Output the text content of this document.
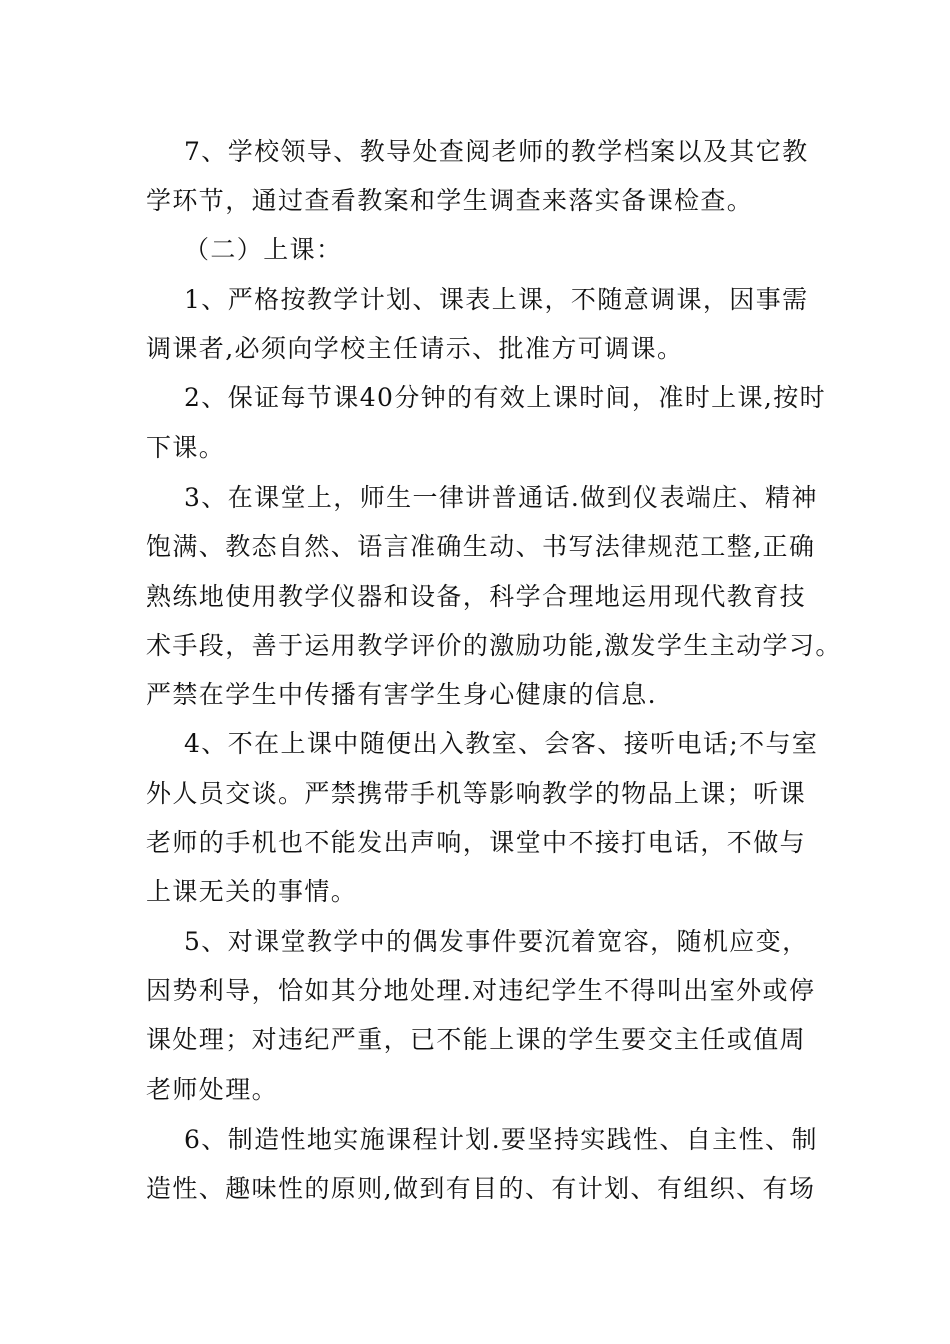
7、学校领导、教导处查阅老师的教学档案以及其它教
学环节，通过查看教案和学生调查来落实备课检查。
（二）上课：
1、严格按教学计划、课表上课，不随意调课，因事需
调课者,必须向学校主任请示、批准方可调课。
2、保证每节课40分钟的有效上课时间，准时上课,按时
下课。
3、在课堂上，师生一律讲普通话.做到仪表端庄、精神
饱满、教态自然、语言准确生动、书写法律规范工整,正确
熟练地使用教学仪器和设备，科学合理地运用现代教育技
术手段，善于运用教学评价的激励功能,激发学生主动学习。
严禁在学生中传播有害学生身心健康的信息.
4、不在上课中随便出入教室、会客、接听电话;不与室
外人员交谈。严禁携带手机等影响教学的物品上课；听课
老师的手机也不能发出声响，课堂中不接打电话，不做与
上课无关的事情。
5、对课堂教学中的偶发事件要沉着宽容，随机应变，
因势利导，恰如其分地处理.对违纪学生不得叫出室外或停
课处理；对违纪严重，已不能上课的学生要交主任或值周
老师处理。
6、制造性地实施课程计划.要坚持实践性、自主性、制
造性、趣味性的原则,做到有目的、有计划、有组织、有场
